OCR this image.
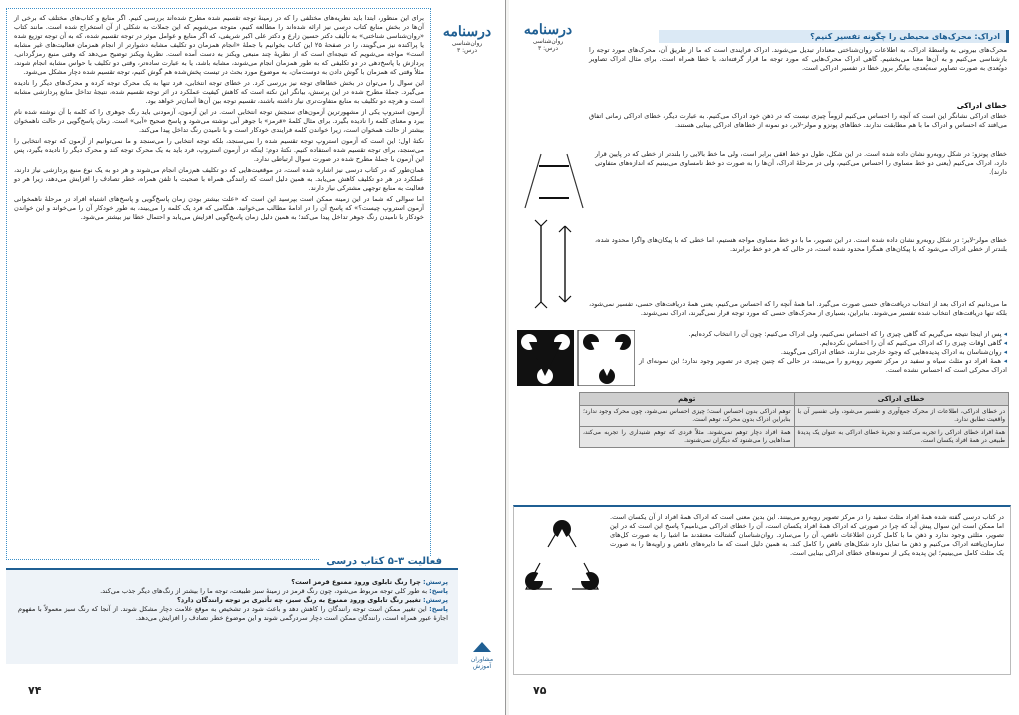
درسنامه
روان‌شناسی
درس: ۳

برای این منظور، ابتدا باید نظریه‌های مختلفی را که در زمینهٔ توجه تقسیم شده مطرح شده‌اند بررسی کنیم. اگر منابع و کتاب‌های مختلف که برخی از آن‌ها در بخش منابع کتاب درسی نیز ارائه شده‌اند را مطالعه کنیم، متوجه می‌شویم که این جملات به شکلی از آن استخراج شده است. مانند کتاب «روان‌شناسی شناختی» به تألیف دکتر حسین زارع و دکتر علی اکبر شریفی، که اگر منابع و عوامل موثر در توجه تقسیم شده، که به آن توجه توزیع شده یا پراکنده نیز می‌گویند، را در صفحهٔ ۲۵ این کتاب بخوانیم با جملهٔ «انجام همزمان دو تکلیف مشابه دشوارتر از انجام همزمان فعالیت‌های غیر مشابه است» مواجه می‌شویم که نتیجه‌ای است که از نظریهٔ چند منبعی ویکنز به دست آمده است. نظریهٔ ویکنز توضیح می‌دهد که وقتی منبع رمزگردانی، پردازش یا پاسخ‌دهی در دو تکلیفی که به طور همزمان انجام می‌شوند، مشابه باشد، یا به عبارت ساده‌تر، وقتی دو تکلیف با حواس مشابه انجام شوند، مثلاً وقتی که همزمان با گوش دادن به دوست‌مان، به موضوع مورد بحث در تیست پخش‌شده هم گوش کنیم، توجه تقسیم شده دچار مشکل می‌شود.

این سوال را می‌توان در بخش خطاهای توجه نیز بررسی کرد. در خطای توجه انتخابی، فرد تنها به یک محرک توجه کرده و محرک‌های دیگر را نادیده می‌گیرد. جملهٔ مطرح شده در این پرسش، بیانگر این نکته است که کاهش کیفیت عملکرد در اثر توجه تقسیم شده، نتیجهٔ تداخل منابع پردازشی مشابه است و هرچه دو تکلیف به منابع متفاوت‌تری نیاز داشته باشند، تقسیم توجه بین آن‌ها آسان‌تر خواهد بود.

آزمون استروپ یکی از مشهورترین آزمون‌های سنجش توجه انتخابی است. در این آزمون، آزمودنی باید رنگ جوهری را که کلمه با آن نوشته شده نام ببرد و معنای کلمه را نادیده بگیرد. برای مثال کلمهٔ «قرمز» با جوهر آبی نوشته می‌شود و پاسخ صحیح «آبی» است. زمان پاسخ‌گویی در حالت ناهمخوان بیشتر از حالت همخوان است، زیرا خواندن کلمه فرایندی خودکار است و با نامیدن رنگ تداخل پیدا می‌کند.

نکتهٔ اول: این است که آزمون استروپ توجه تقسیم شده را نمی‌سنجد، بلکه توجه انتخابی را می‌سنجد و ما نمی‌توانیم از آزمون که توجه انتخابی را می‌سنجد، برای توجه تقسیم شده استفاده کنیم. نکتهٔ دوم: اینکه در آزمون استروپ، فرد باید به یک محرک توجه کند و محرک دیگر را نادیده بگیرد، پس این آزمون با جملهٔ مطرح شده در صورت سوال ارتباطی ندارد.

همان‌طور که در کتاب درسی نیز اشاره شده است، در موقعیت‌هایی که دو تکلیف هم‌زمان انجام می‌شوند و هر دو به یک نوع منبع پردازشی نیاز دارند، عملکرد در هر دو تکلیف کاهش می‌یابد. به همین دلیل است که رانندگی همراه با صحبت با تلفن همراه، خطر تصادف را افزایش می‌دهد، زیرا هر دو فعالیت به منابع توجهی مشترکی نیاز دارند.

اما سوالی که شما در این زمینه ممکن است بپرسید این است که «علت بیشتر بودن زمان پاسخ‌گویی و پاسخ‌های اشتباه افراد در مرحلهٔ ناهمخوانی آزمون استروپ چیست؟» که پاسخ آن را در ادامهٔ مطالب می‌خوانید. هنگامی که فرد یک کلمه را می‌بیند، به طور خودکار آن را می‌خواند و این خواندن خودکار با نامیدن رنگ جوهر تداخل پیدا می‌کند؛ به همین دلیل زمان پاسخ‌گویی افزایش می‌یابد و احتمال خطا نیز بیشتر می‌شود.

فعالیت ۳-۵ کتاب درسی

پرسش: چرا رنگ تابلوی ورود ممنوع قرمز است؟

پاسخ: به طور کلی توجه مربوط می‌شود، چون رنگ قرمز در زمینهٔ سبز طبیعت، توجه ما را بیشتر از رنگ‌های دیگر جذب می‌کند.

پرسش: تغییر رنگ تابلوی ورود ممنوع به رنگ سبز، چه تأثیری بر توجه رانندگان دارد؟

پاسخ: این تغییر ممکن است توجه رانندگان را کاهش دهد و باعث شود در تشخیص به موقع علامت دچار مشکل شوند. از آنجا که رنگ سبز معمولاً با مفهوم اجازهٔ عبور همراه است، رانندگان ممکن است دچار سردرگمی شوند و این موضوع خطر تصادف را افزایش می‌دهد.

مشاوران آموزش
۷۴
درسنامه
روان‌شناسی
درس: ۳
ادراک: محرک‌های محیطی را چگونه تفسیر کنیم؟
محرک‌های بیرونی به واسطهٔ ادراک، به اطلاعات روان‌شناختی معنادار تبدیل می‌شوند. ادراک فرایندی است که ما از طریق آن، محرک‌های مورد توجه را بازشناسی می‌کنیم و به آن‌ها معنا می‌بخشیم. گاهی ادراک محرک‌هایی که مورد توجه ما قرار گرفته‌اند، با خطا همراه است. برای مثال ادراک تصاویر دوبُعدی به صورت تصاویر سه‌بُعدی، بیانگر بروز خطا در تفسیر ادراکی است.
خطای ادراکی
خطای ادراکی نشانگر این است که آنچه را احساس می‌کنیم لزوماً چیزی نیست که در ذهن خود ادراک می‌کنیم. به عبارت دیگر، خطای ادراکی زمانی اتفاق می‌افتد که احساس و ادراک ما با هم مطابقت ندارند. خطاهای پونزو و مولر-لایر، دو نمونه از خطاهای ادراکی بینایی هستند.
خطای پونزو: در شکل روبه‌رو نشان داده شده است. در این شکل، طول دو خط افقی برابر است، ولی ما خط بالایی را بلندتر از خطی که در پایین قرار دارد، ادراک می‌کنیم (یعنی دو خط مساوی را احساس می‌کنیم، ولی در مرحلهٔ ادراک، آن‌ها را به صورت دو خط نامساوی می‌بینیم که اندازه‌های متفاوتی دارند).
خطای مولر-لایر: در شکل روبه‌رو نشان داده شده است. در این تصویر، ما با دو خط مساوی مواجه هستیم، اما خطی که با پیکان‌های واگرا محدود شده، بلندتر از خطی ادراک می‌شود که با پیکان‌های همگرا محدود شده است، در حالی که هر دو خط برابرند.
ما می‌دانیم که ادراک بعد از انتخاب دریافت‌های حسی صورت می‌گیرد. اما همهٔ آنچه را که احساس می‌کنیم، یعنی همهٔ دریافت‌های حسی، تفسیر نمی‌شود، بلکه تنها دریافت‌های انتخاب شده تفسیر می‌شوند. بنابراین، بسیاری از محرک‌های حسی که مورد توجه قرار نمی‌گیرند، ادراک نمی‌شوند.

◂ پس از اینجا نتیجه می‌گیریم که گاهی چیزی را که احساس نمی‌کنیم، ولی ادراک می‌کنیم: چون آن را انتخاب کرده‌ایم.

◂ گاهی اوقات چیزی را که ادراک می‌کنیم که آن را احساس نکرده‌ایم.

◂ روان‌شناسان به ادراک پدیده‌هایی که وجود خارجی ندارند، خطای ادراکی می‌گویند.

◂ همهٔ افراد دو مثلث سیاه و سفید در مرکز تصویر روبه‌رو را می‌بینند، در حالی که چنین چیزی در تصویر وجود ندارد؛ این نمونه‌ای از ادراک محرکی است که احساس نشده است.

خطای ادراکی	توهم
در خطای ادراکی، اطلاعات از محرک جمع‌آوری و تفسیر می‌شود، ولی تفسیر آن با واقعیت تطابق ندارد.	توهم ادراکی بدون احساس است؛ چیزی احساس نمی‌شود، چون محرک وجود ندارد؛ بنابراین ادراک بدون محرک، توهم است.
همهٔ افراد خطای ادراکی را تجربه می‌کنند و تجربهٔ خطای ادراکی به عنوان یک پدیدهٔ طبیعی در همهٔ افراد یکسان است.	همهٔ افراد دچار توهم نمی‌شوند. مثلاً فردی که توهم شنیداری را تجربه می‌کند، صداهایی را می‌شنود که دیگران نمی‌شنوند.
در کتاب درسی گفته شده همهٔ افراد مثلث سفید را در مرکز تصویر روبه‌رو می‌بینند. این بدین معنی است که ادراک همهٔ افراد از آن یکسان است. اما ممکن است این سوال پیش آید که چرا در صورتی که ادراک همهٔ افراد یکسان است، آن را خطای ادراکی می‌نامیم؟ پاسخ این است که در این تصویر، مثلثی وجود ندارد و ذهن ما با کامل کردن اطلاعات ناقص، آن را می‌سازد. روان‌شناسان گشتالت معتقدند ما اشیا را به صورت کل‌های سازمان‌یافته ادراک می‌کنیم و ذهن ما تمایل دارد شکل‌های ناقص را کامل کند. به همین دلیل است که ما دایره‌های ناقص و زاویه‌ها را به صورت یک مثلث کامل می‌بینیم؛ این پدیده یکی از نمونه‌های خطای ادراکی بینایی است.
۷۵
